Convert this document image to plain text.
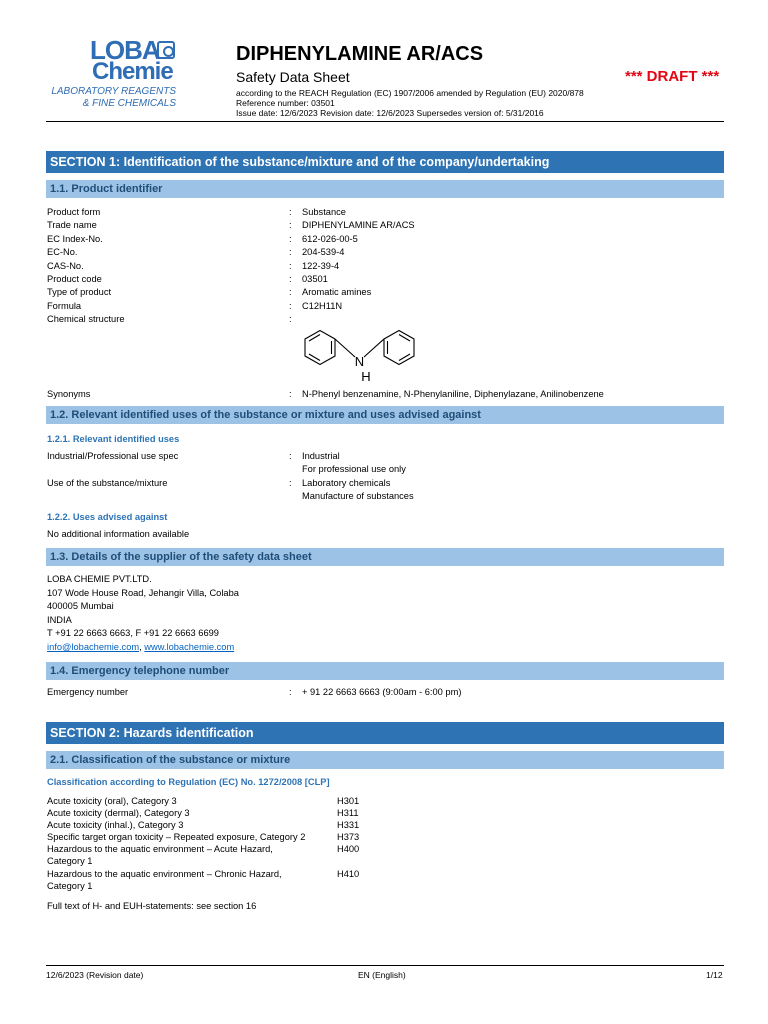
LOBA
Chemie
LABORATORY REAGENTS
& FINE CHEMICALS
DIPHENYLAMINE AR/ACS
Safety Data Sheet	*** DRAFT ***
according to the REACH Regulation (EC) 1907/2006 amended by Regulation (EU) 2020/878
Reference number: 03501
Issue date: 12/6/2023 Revision date: 12/6/2023 Supersedes version of: 5/31/2016
SECTION 1: Identification of the substance/mixture and of the company/undertaking
1.1. Product identifier
Product form	: Substance
Trade name	: DIPHENYLAMINE AR/ACS
EC Index-No.	: 612-026-00-5
EC-No.	: 204-539-4
CAS-No.	: 122-39-4
Product code	: 03501
Type of product	: Aromatic amines
Formula	: C12H11N
Chemical structure	:
N
H
Synonyms	: N-Phenyl benzenamine, N-Phenylaniline, Diphenylazane, Anilinobenzene
1.2. Relevant identified uses of the substance or mixture and uses advised against
1.2.1. Relevant identified uses
Industrial/Professional use spec	: Industrial
For professional use only
Use of the substance/mixture	: Laboratory chemicals
Manufacture of substances
1.2.2. Uses advised against
No additional information available
1.3. Details of the supplier of the safety data sheet
LOBA CHEMIE PVT.LTD.
107 Wode House Road, Jehangir Villa, Colaba
400005 Mumbai
INDIA
T +91 22 6663 6663, F +91 22 6663 6699
info@lobachemie.com, www.lobachemie.com
1.4. Emergency telephone number
Emergency number	: + 91 22 6663 6663 (9:00am - 6:00 pm)
SECTION 2: Hazards identification
2.1. Classification of the substance or mixture
Classification according to Regulation (EC) No. 1272/2008 [CLP]
Acute toxicity (oral), Category 3	H301
Acute toxicity (dermal), Category 3	H311
Acute toxicity (inhal.), Category 3	H331
Specific target organ toxicity – Repeated exposure, Category 2	H373
Hazardous to the aquatic environment – Acute Hazard,	H400
Category 1
Hazardous to the aquatic environment – Chronic Hazard,	H410
Category 1
Full text of H- and EUH-statements: see section 16
12/6/2023 (Revision date)	EN (English)	1/12
